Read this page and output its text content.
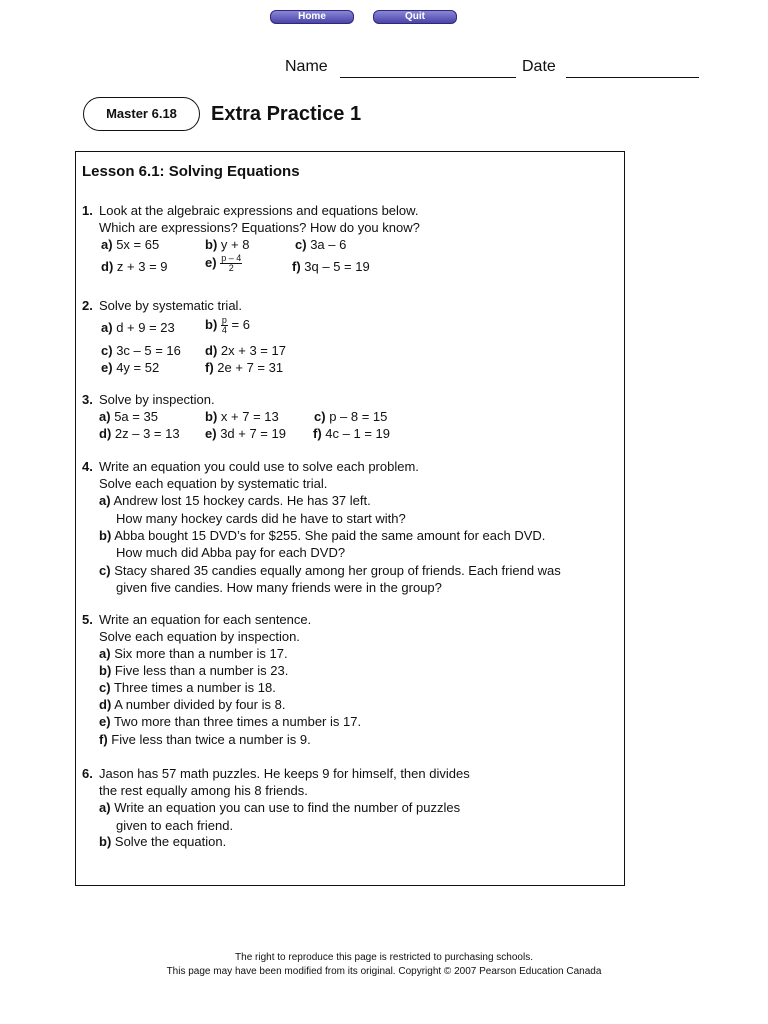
Home	Quit
Name	Date
Master 6.18	Extra Practice 1
Lesson 6.1: Solving Equations
1. Look at the algebraic expressions and equations below.
Which are expressions? Equations? How do you know?
a) 5x = 65	b) y + 8	c) 3a – 6
d) z + 3 = 9	$e) \frac{p - 4}{2}$	f) 3q – 5 = 19
2. Solve by systematic trial.
a) d + 9 = 23 $b) \frac{p}{4} = 6$
c) 3c – 5 = 16 d) 2x + 3 = 17
e) 4y = 52	f) 2e + 7 = 31
3. Solve by inspection.
a) 5a = 35	b) x + 7 = 13	c) p – 8 = 15
d) 2z – 3 = 13 e) 3d + 7 = 19 f) 4c – 1 = 19
4. Write an equation you could use to solve each problem.
Solve each equation by systematic trial.
a) Andrew lost 15 hockey cards. He has 37 left.
How many hockey cards did he have to start with?
b) Abba bought 15 DVD’s for $255. She paid the same amount for each DVD.
How much did Abba pay for each DVD?
c) Stacy shared 35 candies equally among her group of friends. Each friend was
given five candies. How many friends were in the group?
5. Write an equation for each sentence.
Solve each equation by inspection.
a) Six more than a number is 17.
b) Five less than a number is 23.
c) Three times a number is 18.
d) A number divided by four is 8.
e) Two more than three times a number is 17.
f) Five less than twice a number is 9.
6. Jason has 57 math puzzles. He keeps 9 for himself, then divides
the rest equally among his 8 friends.
a) Write an equation you can use to find the number of puzzles
given to each friend.
b) Solve the equation.
The right to reproduce this page is restricted to purchasing schools.
This page may have been modified from its original. Copyright © 2007 Pearson Education Canada
